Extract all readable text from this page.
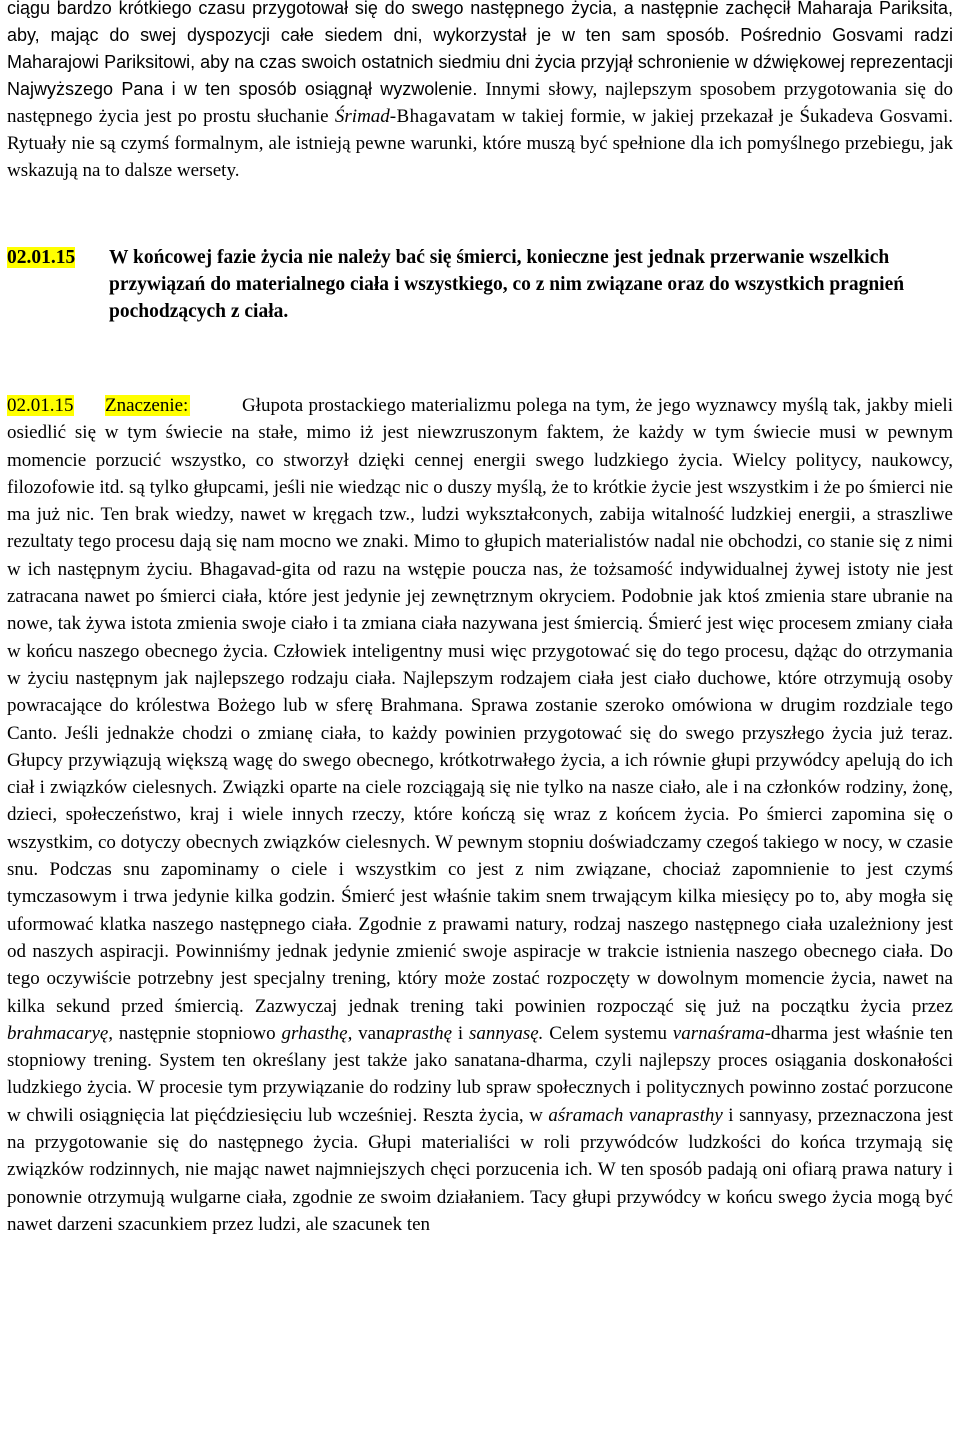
ciągu bardzo krótkiego czasu przygotował się do swego następnego życia, a następnie zachęcił Maharaja Pariksita, aby, mając do swej dyspozycji całe siedem dni, wykorzystał je w ten sam sposób. Pośrednio Gosvami radzi Maharajowi Pariksitowi, aby na czas swoich ostatnich siedmiu dni życia przyjął schronienie w dźwiękowej reprezentacji Najwyższego Pana i w ten sposób osiągnął wyzwolenie. Innymi słowy, najlepszym sposobem przygotowania się do następnego życia jest po prostu słuchanie Śrimad-Bhagavatam w takiej formie, w jakiej przekazał je Śukadeva Gosvami. Rytuały nie są czymś formalnym, ale istnieją pewne warunki, które muszą być spełnione dla ich pomyślnego przebiegu, jak wskazują na to dalsze wersety.

02.01.15	W końcowej fazie życia nie należy bać się śmierci, konieczne jest jednak przerwanie wszelkich przywiązań do materialnego ciała i wszystkiego, co z nim związane oraz do wszystkich pragnień pochodzących z ciała.

02.01.15 Znaczenie:	Głupota prostackiego materializmu polega na tym, że jego wyznawcy myślą tak, jakby mieli osiedlić się w tym świecie na stałe, mimo iż jest niewzruszonym faktem, że każdy w tym świecie musi w pewnym momencie porzucić wszystko, co stworzył dzięki cennej energii swego ludzkiego życia. Wielcy politycy, naukowcy, filozofowie itd. są tylko głupcami, jeśli nie wiedząc nic o duszy myślą, że to krótkie życie jest wszystkim i że po śmierci nie ma już nic. Ten brak wiedzy, nawet w kręgach tzw., ludzi wykształconych, zabija witalność ludzkiej energii, a straszliwe rezultaty tego procesu dają się nam mocno we znaki. Mimo to głupich materialistów nadal nie obchodzi, co stanie się z nimi w ich następnym życiu. Bhagavad-gita od razu na wstępie poucza nas, że tożsamość indywidualnej żywej istoty nie jest zatracana nawet po śmierci ciała, które jest jedynie jej zewnętrznym okryciem. Podobnie jak ktoś zmienia stare ubranie na nowe, tak żywa istota zmienia swoje ciało i ta zmiana ciała nazywana jest śmiercią. Śmierć jest więc procesem zmiany ciała w końcu naszego obecnego życia. Człowiek inteligentny musi więc przygotować się do tego procesu, dążąc do otrzymania w życiu następnym jak najlepszego rodzaju ciała. Najlepszym rodzajem ciała jest ciało duchowe, które otrzymują osoby powracające do królestwa Bożego lub w sferę Brahmana. Sprawa zostanie szeroko omówiona w drugim rozdziale tego Canto. Jeśli jednakże chodzi o zmianę ciała, to każdy powinien przygotować się do swego przyszłego życia już teraz. Głupcy przywiązują większą wagę do swego obecnego, krótkotrwałego życia, a ich równie głupi przywódcy apelują do ich ciał i związków cielesnych. Związki oparte na ciele rozciągają się nie tylko na nasze ciało, ale i na członków rodziny, żonę, dzieci, społeczeństwo, kraj i wiele innych rzeczy, które kończą się wraz z końcem życia. Po śmierci zapomina się o wszystkim, co dotyczy obecnych związków cielesnych. W pewnym stopniu doświadczamy czegoś takiego w nocy, w czasie snu. Podczas snu zapominamy o ciele i wszystkim co jest z nim związane, chociaż zapomnienie to jest czymś tymczasowym i trwa jedynie kilka godzin. Śmierć jest właśnie takim snem trwającym kilka miesięcy po to, aby mogła się uformować klatka naszego następnego ciała. Zgodnie z prawami natury, rodzaj naszego następnego ciała uzależniony jest od naszych aspiracji. Powinniśmy jednak jedynie zmienić swoje aspiracje w trakcie istnienia naszego obecnego ciała. Do tego oczywiście potrzebny jest specjalny trening, który może zostać rozpoczęty w dowolnym momencie życia, nawet na kilka sekund przed śmiercią. Zazwyczaj jednak trening taki powinien rozpocząć się już na początku życia przez brahmacaryę, następnie stopniowo grhasthę, vanaprasthę i sannyasę. Celem systemu varnaśrama-dharma jest właśnie ten stopniowy trening. System ten określany jest także jako sanatana-dharma, czyli najlepszy proces osiągania doskonałości ludzkiego życia. W procesie tym przywiązanie do rodziny lub spraw społecznych i politycznych powinno zostać porzucone w chwili osiągnięcia lat pięćdziesięciu lub wcześniej. Reszta życia, w aśramach vanaprasthy i sannyasy, przeznaczona jest na przygotowanie się do następnego życia. Głupi materialiści w roli przywódców ludzkości do końca trzymają się związków rodzinnych, nie mając nawet najmniejszych chęci porzucenia ich. W ten sposób padają oni ofiarą prawa natury i ponownie otrzymują wulgarne ciała, zgodnie ze swoim działaniem. Tacy głupi przywódcy w końcu swego życia mogą być nawet darzeni szacunkiem przez ludzi, ale szacunek ten
